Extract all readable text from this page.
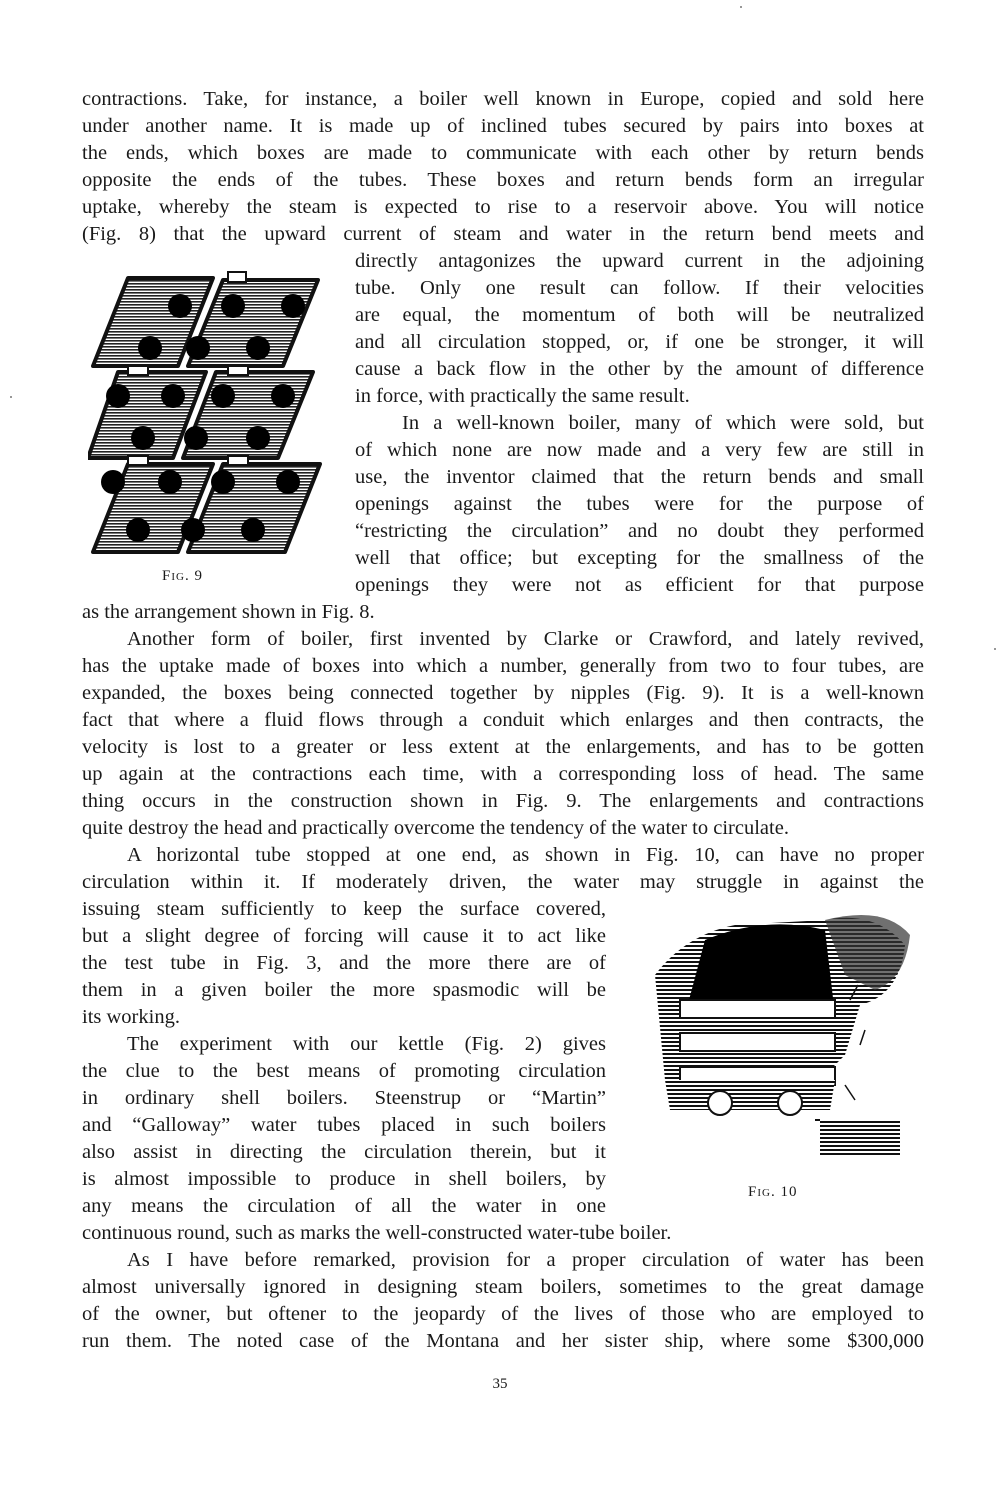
Fig. 9
Fig. 10
contractions. Take, for instance, a boiler well known in Europe, copied and sold here
under another name. It is made up of inclined tubes secured by pairs into boxes at
the ends, which boxes are made to communicate with each other by return bends
opposite the ends of the tubes. These boxes and return bends form an irregular
uptake, whereby the steam is expected to rise to a reservoir above. You will notice
(Fig. 8) that the upward current of steam and water in the return bend meets and
directly antagonizes the upward current in the adjoining
tube. Only one result can follow. If their velocities
are equal, the momentum of both will be neutralized
and all circulation stopped, or, if one be stronger, it will
cause a back flow in the other by the amount of difference
in force, with practically the same result.
In a well-known boiler, many of which were sold, but
of which none are now made and a very few are still in
use, the inventor claimed that the return bends and small
openings against the tubes were for the purpose of
“restricting the circulation” and no doubt they performed
well that office; but excepting for the smallness of the
openings they were not as efficient for that purpose
as the arrangement shown in Fig. 8.
Another form of boiler, first invented by Clarke or Crawford, and lately revived,
has the uptake made of boxes into which a number, generally from two to four tubes, are
expanded, the boxes being connected together by nipples (Fig. 9). It is a well-known
fact that where a fluid flows through a conduit which enlarges and then contracts, the
velocity is lost to a greater or less extent at the enlargements, and has to be gotten
up again at the contractions each time, with a corresponding loss of head. The same
thing occurs in the construction shown in Fig. 9. The enlargements and contractions
quite destroy the head and practically overcome the tendency of the water to circulate.
A horizontal tube stopped at one end, as shown in Fig. 10, can have no proper
circulation within it. If moderately driven, the water may struggle in against the
issuing steam sufficiently to keep the surface covered,
but a slight degree of forcing will cause it to act like
the test tube in Fig. 3, and the more there are of
them in a given boiler the more spasmodic will be
its working.
The experiment with our kettle (Fig. 2) gives
the clue to the best means of promoting circulation
in ordinary shell boilers. Steenstrup or “Martin”
and “Galloway” water tubes placed in such boilers
also assist in directing the circulation therein, but it
is almost impossible to produce in shell boilers, by
any means the circulation of all the water in one
continuous round, such as marks the well-constructed water-tube boiler.
As I have before remarked, provision for a proper circulation of water has been
almost universally ignored in designing steam boilers, sometimes to the great damage
of the owner, but oftener to the jeopardy of the lives of those who are employed to
run them. The noted case of the Montana and her sister ship, where some $300,000
35
